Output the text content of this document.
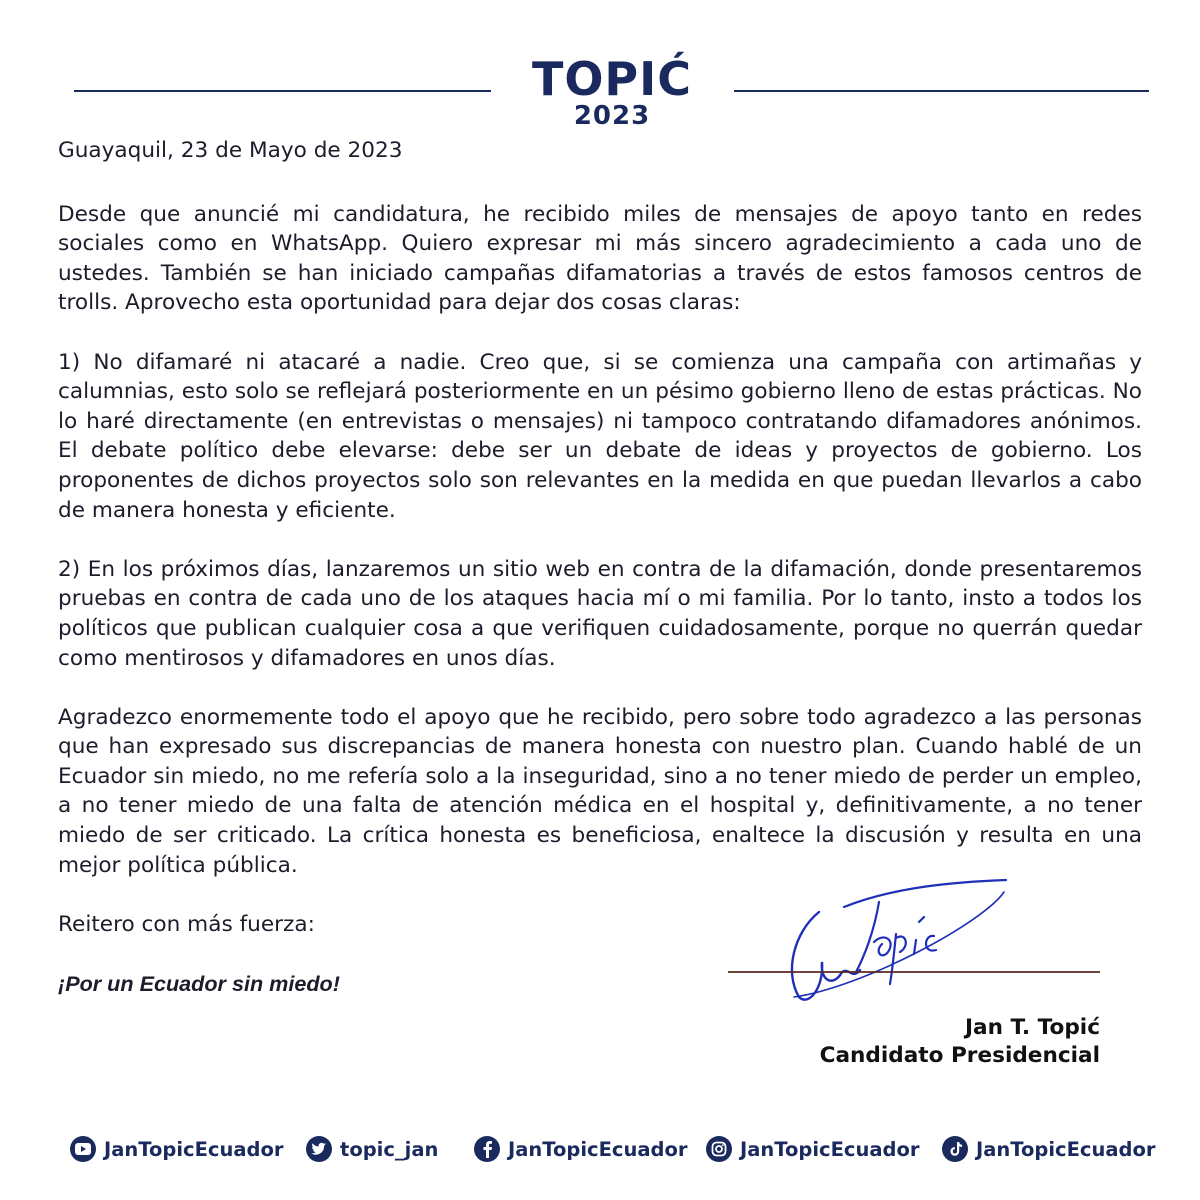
TOPIĆ
2023

Guayaquil, 23 de Mayo de 2023

Desde que anuncié mi candidatura, he recibido miles de mensajes de apoyo tanto en redes sociales como en WhatsApp. Quiero expresar mi más sincero agradecimiento a cada uno de ustedes. También se han iniciado campañas difamatorias a través de estos famosos centros de trolls. Aprovecho esta oportunidad para dejar dos cosas claras:

1) No difamaré ni atacaré a nadie. Creo que, si se comienza una campaña con artimañas y calumnias, esto solo se reflejará posteriormente en un pésimo gobierno lleno de estas prácticas. No lo haré directamente (en entrevistas o mensajes) ni tampoco contratando difamadores anónimos. El debate político debe elevarse: debe ser un debate de ideas y proyectos de gobierno. Los proponentes de dichos proyectos solo son relevantes en la medida en que puedan llevarlos a cabo de manera honesta y eficiente.

2) En los próximos días, lanzaremos un sitio web en contra de la difamación, donde presentaremos pruebas en contra de cada uno de los ataques hacia mí o mi familia. Por lo tanto, insto a todos los políticos que publican cualquier cosa a que verifiquen cuidadosamente, porque no querrán quedar como mentirosos y difamadores en unos días.

Agradezco enormemente todo el apoyo que he recibido, pero sobre todo agradezco a las personas que han expresado sus discrepancias de manera honesta con nuestro plan. Cuando hablé de un Ecuador sin miedo, no me refería solo a la inseguridad, sino a no tener miedo de perder un empleo, a no tener miedo de una falta de atención médica en el hospital y, definitivamente, a no tener miedo de ser criticado. La crítica honesta es beneficiosa, enaltece la discusión y resulta en una mejor política pública.

Reitero con más fuerza:

¡Por un Ecuador sin miedo!

Jan T. Topić
Candidato Presidencial
JanTopicEcuador	topic_jan	JanTopicEcuador	JanTopicEcuador	JanTopicEcuador
